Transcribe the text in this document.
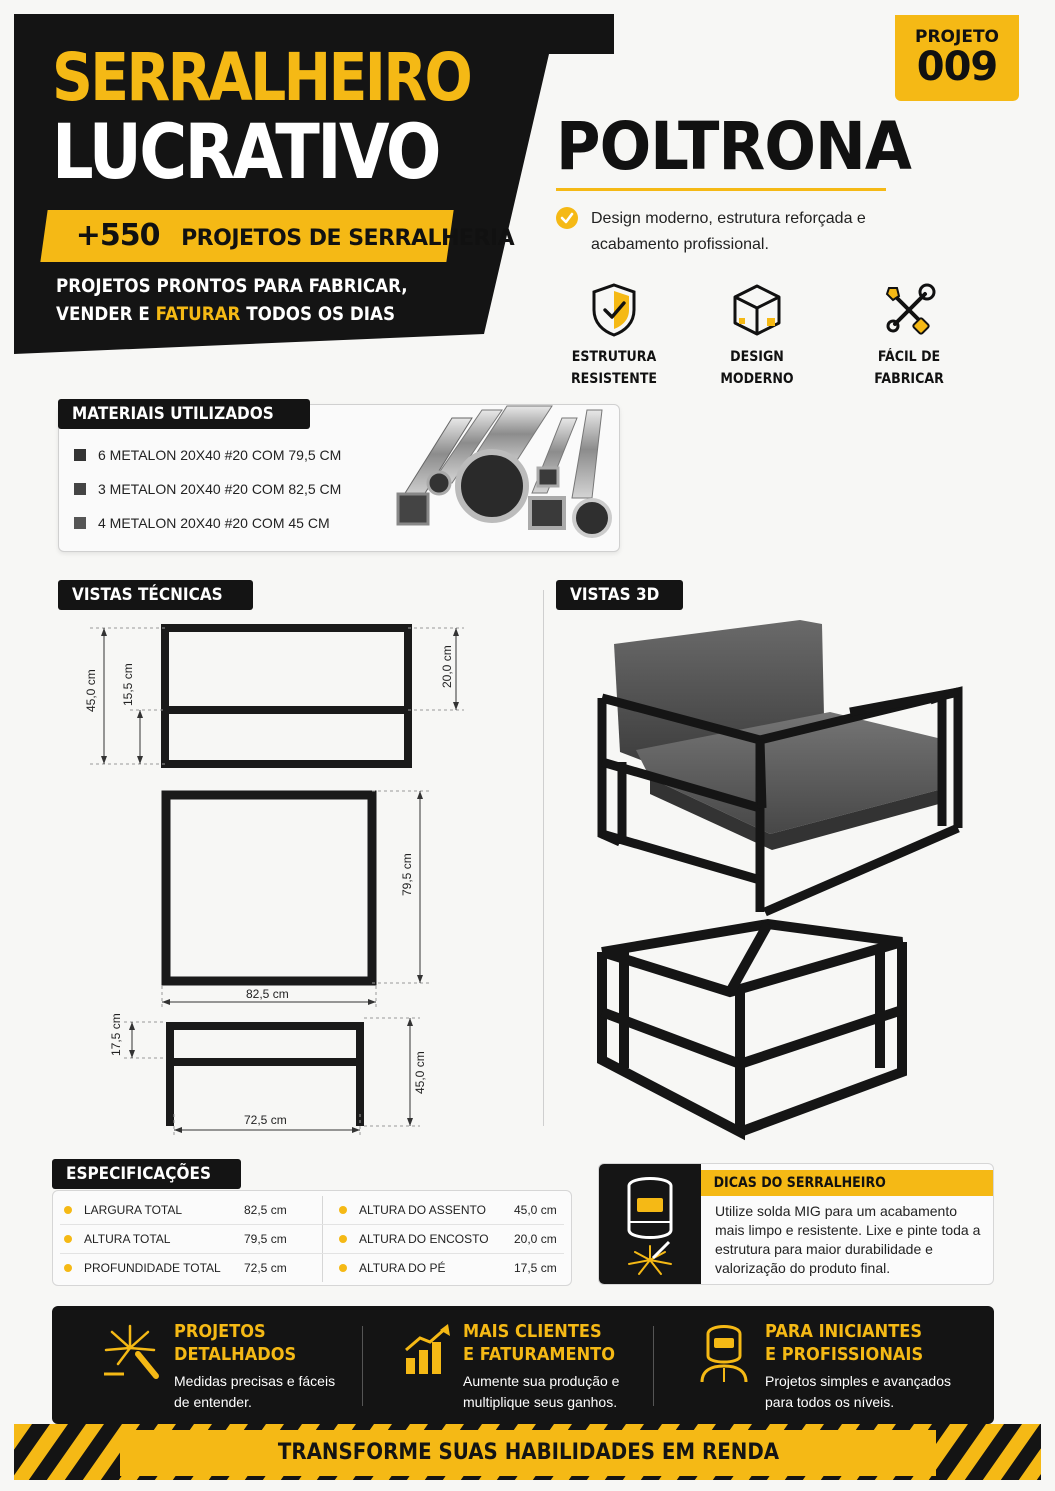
SERRALHEIRO
LUCRATIVO
+550 PROJETOS DE SERRALHERIA
PROJETOS PRONTOS PARA FABRICAR,
VENDER E FATURAR TODOS OS DIAS
PROJETO
009
POLTRONA
Design moderno, estrutura reforçada e acabamento profissional.
ESTRUTURA
RESISTENTE
DESIGN
MODERNO
FÁCIL DE
FABRICAR
MATERIAIS UTILIZADOS
6 METALON 20X40 #20 COM 79,5 CM
3 METALON 20X40 #20 COM 82,5 CM
4 METALON 20X40 #20 COM 45 CM
VISTAS TÉCNICAS	VISTAS 3D
45,0 cm 15,5 cm	20,0 cm
79,5 cm
82,5 cm
17,5 cm
45,0 cm
72,5 cm
ESPECIFICAÇÕES
LARGURA TOTAL	82,5 cm
ALTURA TOTAL	79,5 cm
PROFUNDIDADE TOTAL 72,5 cm
ALTURA DO ASSENTO 45,0 cm
ALTURA DO ENCOSTO 20,0 cm
ALTURA DO PÉ	17,5 cm
DICAS DO SERRALHEIRO
Utilize solda MIG para um acabamento mais limpo e resistente. Lixe e pinte toda a estrutura para maior durabilidade e valorização do produto final.
PROJETOS
DETALHADOS
Medidas precisas e fáceis
de entender.
MAIS CLIENTES
E FATURAMENTO
Aumente sua produção e
multiplique seus ganhos.
PARA INICIANTES
E PROFISSIONAIS
Projetos simples e avançados
para todos os níveis.
TRANSFORME SUAS HABILIDADES EM RENDA
